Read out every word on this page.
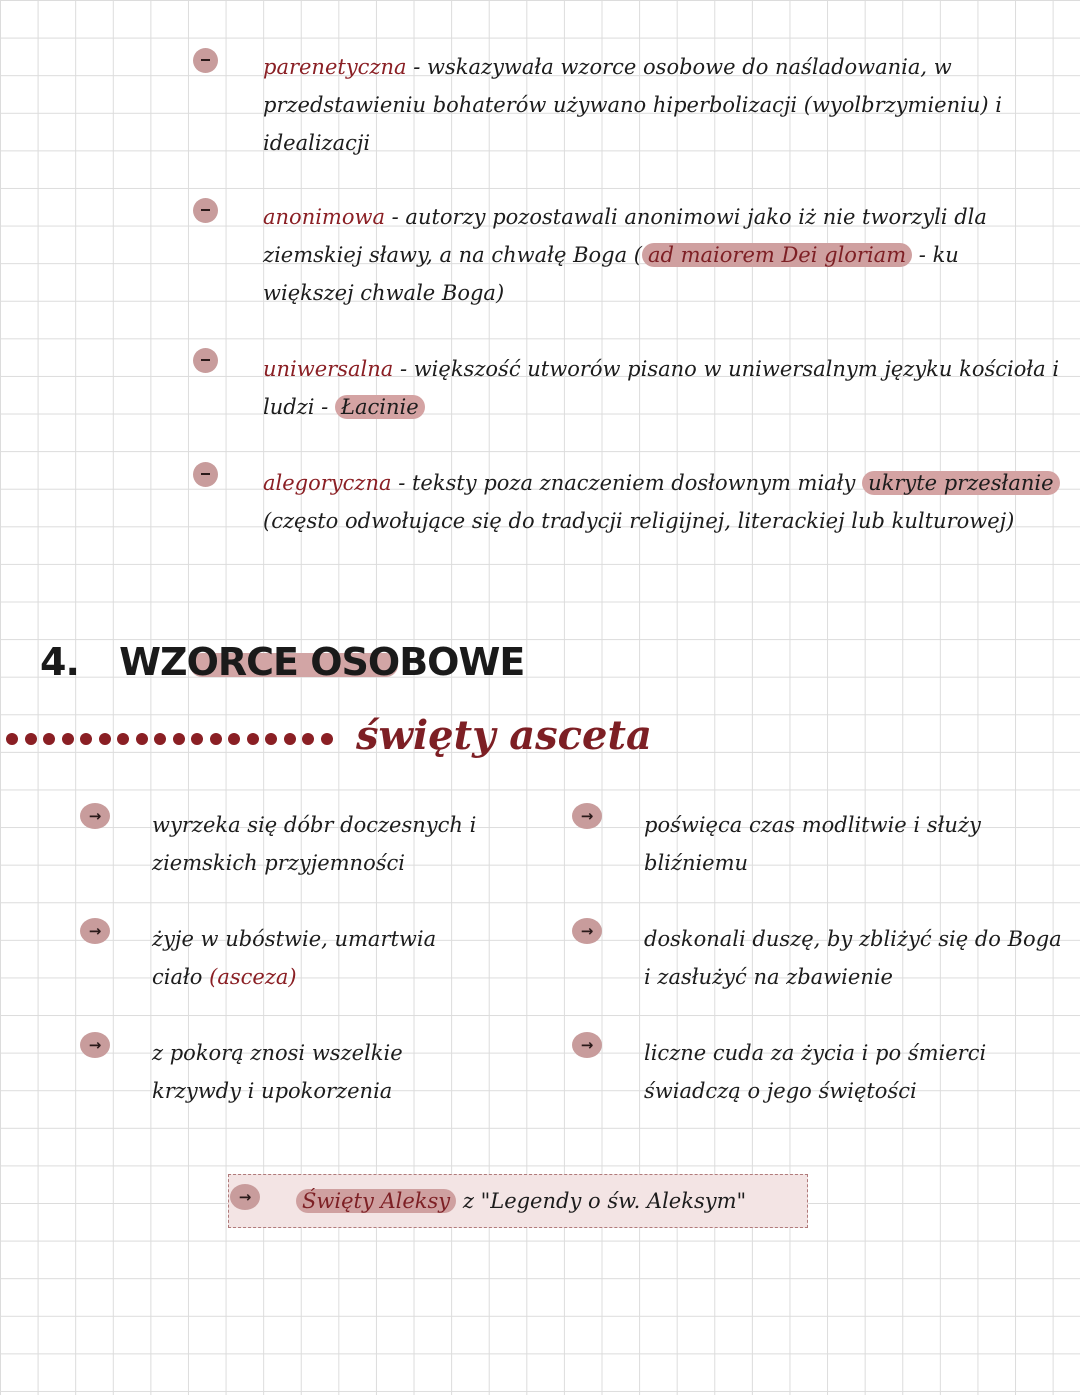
parenetyczna - wskazywała wzorce osobowe do naśladowania, w przedstawieniu bohaterów używano hiperbolizacji (wyolbrzymieniu) i idealizacji
anonimowa - autorzy pozostawali anonimowi jako iż nie tworzyli dla ziemskiej sławy, a na chwałę Boga ( ad maiorem Dei gloriam - ku większej chwale Boga)
uniwersalna - większość utworów pisano w uniwersalnym języku kościoła i ludzi - Łacinie
alegoryczna - teksty poza znaczeniem dosłownym miały ukryte przesłanie (często odwołujące się do tradycji religijnej, literackiej lub kulturowej)
4. WZORCE OSOBOWE
święty asceta
→	wyrzeka się dóbr doczesnych i ziemskich przyjemności
→	żyje w ubóstwie, umartwia ciało (asceza)
→	z pokorą znosi wszelkie krzywdy i upokorzenia
→	poświęca czas modlitwie i służy bliźniemu
→	doskonali duszę, by zbliżyć się do Boga i zasłużyć na zbawienie
→	liczne cuda za życia i po śmierci świadczą o jego świętości
→	Święty Aleksy z "Legendy o św. Aleksym"
